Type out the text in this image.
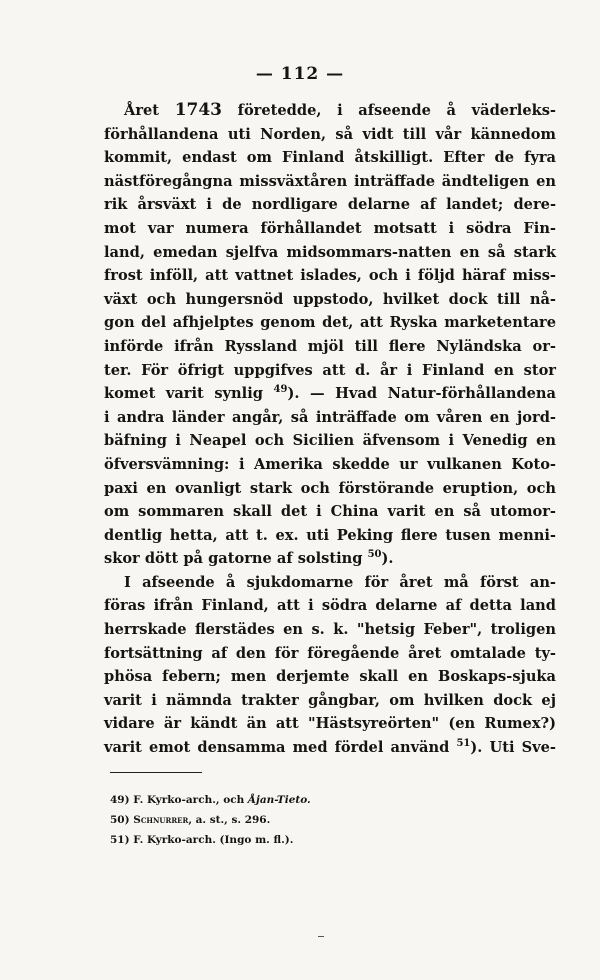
— 112 —
Året 1743 företedde, i afseende å väderleks-
förhållandena uti Norden, så vidt till vår kännedom
kommit, endast om Finland åtskilligt. Efter de fyra
nästföregångna missväxtåren inträffade ändteligen en
rik årsväxt i de nordligare delarne af landet; dere-
mot var numera förhållandet motsatt i södra Fin-
land, emedan sjelfva midsommars-natten en så stark
frost inföll, att vattnet islades, och i följd häraf miss-
växt och hungersnöd uppstodo, hvilket dock till nå-
gon del afhjelptes genom det, att Ryska marketentare
införde ifrån Ryssland mjöl till flere Nyländska or-
ter. För öfrigt uppgifves att d. år i Finland en stor
komet varit synlig $^{49}$). — Hvad Natur-förhållandena
i andra länder angår, så inträffade om våren en jord-
bäfning i Neapel och Sicilien äfvensom i Venedig en
öfversvämning: i Amerika skedde ur vulkanen Koto-
paxi en ovanligt stark och förstörande eruption, och
om sommaren skall det i China varit en så utomor-
dentlig hetta, att t. ex. uti Peking flere tusen menni-
skor dött på gatorne af solsting $^{50}$).
I afseende å sjukdomarne för året må först an-
föras ifrån Finland, att i södra delarne af detta land
herrskade flerstädes en s. k. "hetsig Feber", troligen
fortsättning af den för föregående året omtalade ty-
phösa febern; men derjemte skall en Boskaps-sjuka
varit i nämnda trakter gångbar, om hvilken dock ej
vidare är kändt än att "Hästsyreörten" (en Rumex?)
varit emot densamma med fördel använd $^{51}$). Uti Sve-
49) F. Kyrko-arch., och Åjan-Tieto.
50) Schnurrer, a. st., s. 296.
51) F. Kyrko-arch. (Ingo m. fl.).
